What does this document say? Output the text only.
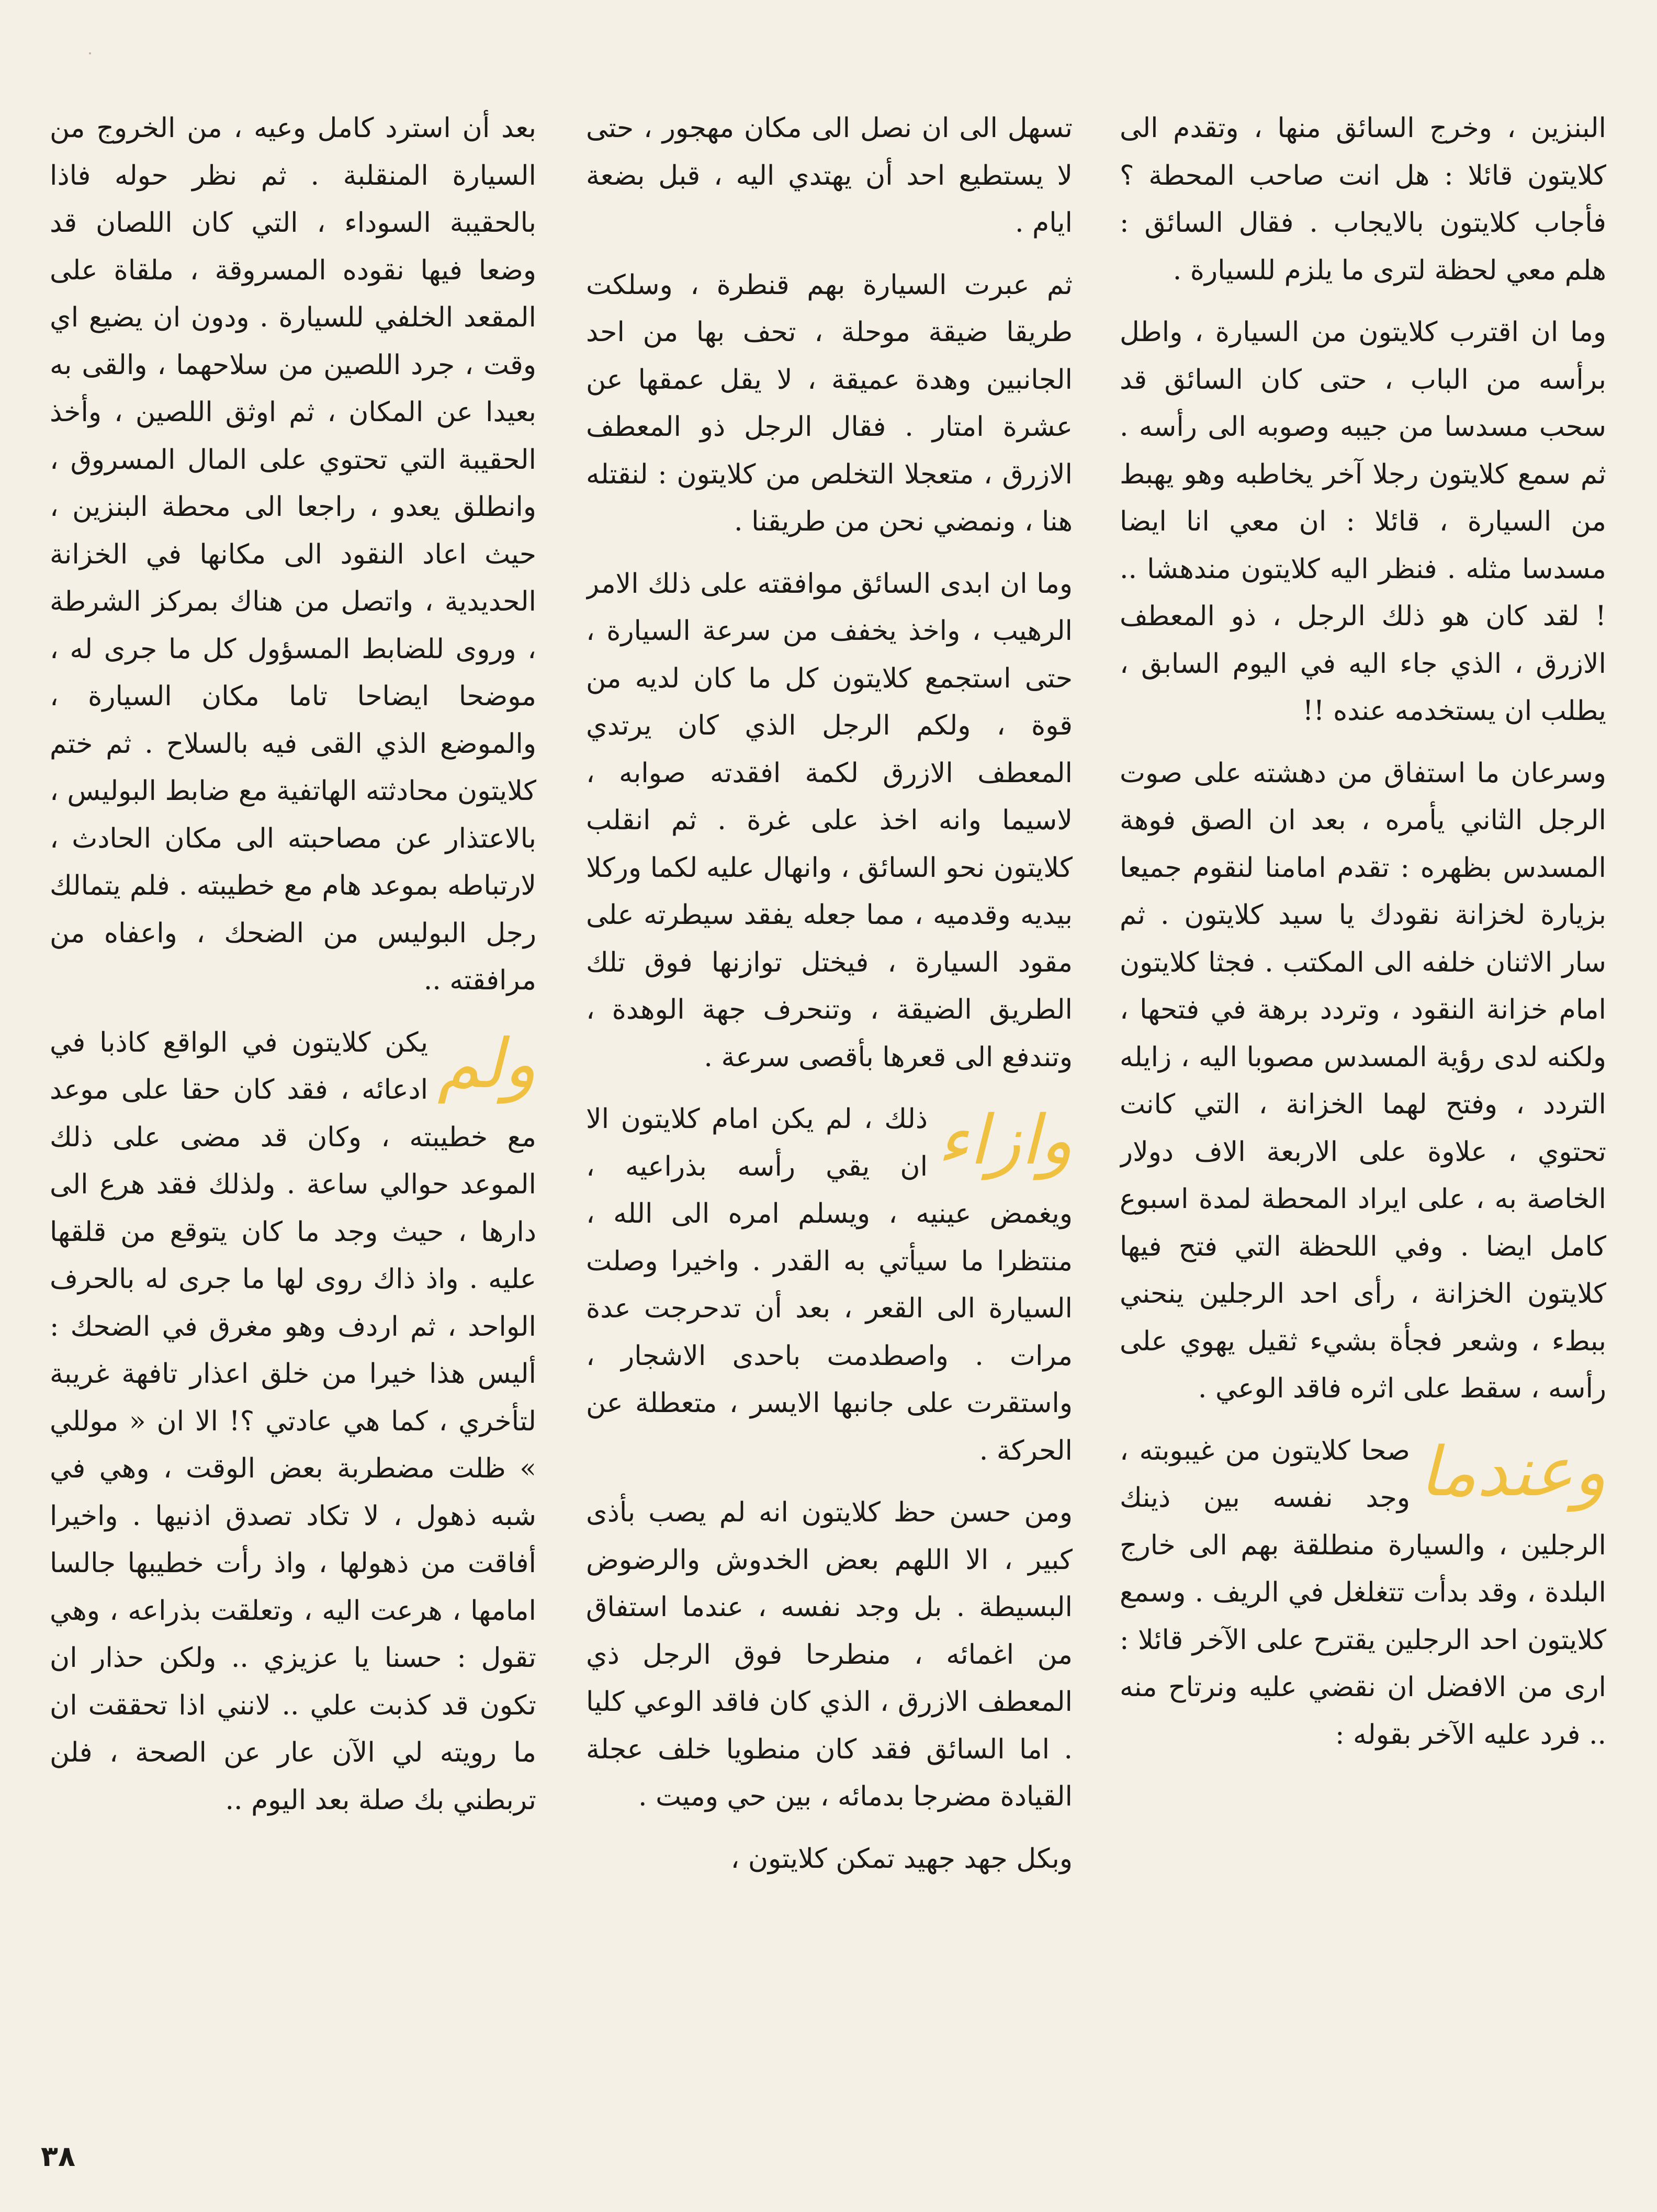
البنزين ، وخرج السائق منها ، وتقدم الى كلايتون قائلا : هل انت صاحب المحطة ؟ فأجاب كلايتون بالايجاب . فقال السائق : هلم معي لحظة لترى ما يلزم للسيارة .

وما ان اقترب كلايتون من السيارة ، واطل برأسه من الباب ، حتى كان السائق قد سحب مسدسا من جيبه وصوبه الى رأسه . ثم سمع كلايتون رجلا آخر يخاطبه وهو يهبط من السيارة ، قائلا : ان معي انا ايضا مسدسا مثله . فنظر اليه كلايتون مندهشا .. ! لقد كان هو ذلك الرجل ، ذو المعطف الازرق ، الذي جاء اليه في اليوم السابق ، يطلب ان يستخدمه عنده !!

وسرعان ما استفاق من دهشته على صوت الرجل الثاني يأمره ، بعد ان الصق فوهة المسدس بظهره : تقدم امامنا لنقوم جميعا بزيارة لخزانة نقودك يا سيد كلايتون . ثم سار الاثنان خلفه الى المكتب . فجثا كلايتون امام خزانة النقود ، وتردد برهة في فتحها ، ولكنه لدى رؤية المسدس مصوبا اليه ، زايله التردد ، وفتح لهما الخزانة ، التي كانت تحتوي ، علاوة على الاربعة الاف دولار الخاصة به ، على ايراد المحطة لمدة اسبوع كامل ايضا . وفي اللحظة التي فتح فيها كلايتون الخزانة ، رأى احد الرجلين ينحني ببطء ، وشعر فجأة بشيء ثقيل يهوي على رأسه ، سقط على اثره فاقد الوعي .

وعندما
صحا كلايتون من غيبوبته ، وجد نفسه بين ذينك الرجلين ، والسيارة منطلقة بهم الى خارج البلدة ، وقد بدأت تتغلغل في الريف . وسمع كلايتون احد الرجلين يقترح على الآخر قائلا : ارى من الافضل ان نقضي عليه ونرتاح منه .. فرد عليه الآخر بقوله :

تسهل الى ان نصل الى مكان مهجور ، حتى لا يستطيع احد أن يهتدي اليه ، قبل بضعة ايام .

ثم عبرت السيارة بهم قنطرة ، وسلكت طريقا ضيقة موحلة ، تحف بها من احد الجانبين وهدة عميقة ، لا يقل عمقها عن عشرة امتار . فقال الرجل ذو المعطف الازرق ، متعجلا التخلص من كلايتون : لنقتله هنا ، ونمضي نحن من طريقنا .

وما ان ابدى السائق موافقته على ذلك الامر الرهيب ، واخذ يخفف من سرعة السيارة ، حتى استجمع كلايتون كل ما كان لديه من قوة ، ولكم الرجل الذي كان يرتدي المعطف الازرق لكمة افقدته صوابه ، لاسيما وانه اخذ على غرة . ثم انقلب كلايتون نحو السائق ، وانهال عليه لكما وركلا بيديه وقدميه ، مما جعله يفقد سيطرته على مقود السيارة ، فيختل توازنها فوق تلك الطريق الضيقة ، وتنحرف جهة الوهدة ، وتندفع الى قعرها بأقصى سرعة .

وازاء
ذلك ، لم يكن امام كلايتون الا ان يقي رأسه بذراعيه ، ويغمض عينيه ، ويسلم امره الى الله ، منتظرا ما سيأتي به القدر . واخيرا وصلت السيارة الى القعر ، بعد أن تدحرجت عدة مرات . واصطدمت باحدى الاشجار ، واستقرت على جانبها الايسر ، متعطلة عن الحركة .

ومن حسن حظ كلايتون انه لم يصب بأذى كبير ، الا اللهم بعض الخدوش والرضوض البسيطة . بل وجد نفسه ، عندما استفاق من اغمائه ، منطرحا فوق الرجل ذي المعطف الازرق ، الذي كان فاقد الوعي كليا . اما السائق فقد كان منطويا خلف عجلة القيادة مضرجا بدمائه ، بين حي وميت .

وبكل جهد جهيد تمكن كلايتون ،

بعد أن استرد كامل وعيه ، من الخروج من السيارة المنقلبة . ثم نظر حوله فاذا بالحقيبة السوداء ، التي كان اللصان قد وضعا فيها نقوده المسروقة ، ملقاة على المقعد الخلفي للسيارة . ودون ان يضيع اي وقت ، جرد اللصين من سلاحهما ، والقى به بعيدا عن المكان ، ثم اوثق اللصين ، وأخذ الحقيبة التي تحتوي على المال المسروق ، وانطلق يعدو ، راجعا الى محطة البنزين ، حيث اعاد النقود الى مكانها في الخزانة الحديدية ، واتصل من هناك بمركز الشرطة ، وروى للضابط المسؤول كل ما جرى له ، موضحا ايضاحا تاما مكان السيارة ، والموضع الذي القى فيه بالسلاح . ثم ختم كلايتون محادثته الهاتفية مع ضابط البوليس ، بالاعتذار عن مصاحبته الى مكان الحادث ، لارتباطه بموعد هام مع خطيبته . فلم يتمالك رجل البوليس من الضحك ، واعفاه من مرافقته ..

ولم
يكن كلايتون في الواقع كاذبا في ادعائه ، فقد كان حقا على موعد مع خطيبته ، وكان قد مضى على ذلك الموعد حوالي ساعة . ولذلك فقد هرع الى دارها ، حيث وجد ما كان يتوقع من قلقها عليه . واذ ذاك روى لها ما جرى له بالحرف الواحد ، ثم اردف وهو مغرق في الضحك : أليس هذا خيرا من خلق اعذار تافهة غريبة لتأخري ، كما هي عادتي ؟! الا ان « موللي » ظلت مضطربة بعض الوقت ، وهي في شبه ذهول ، لا تكاد تصدق اذنيها . واخيرا أفاقت من ذهولها ، واذ رأت خطيبها جالسا امامها ، هرعت اليه ، وتعلقت بذراعه ، وهي تقول : حسنا يا عزيزي .. ولكن حذار ان تكون قد كذبت علي .. لانني اذا تحققت ان ما رويته لي الآن عار عن الصحة ، فلن تربطني بك صلة بعد اليوم ..

٣٨
